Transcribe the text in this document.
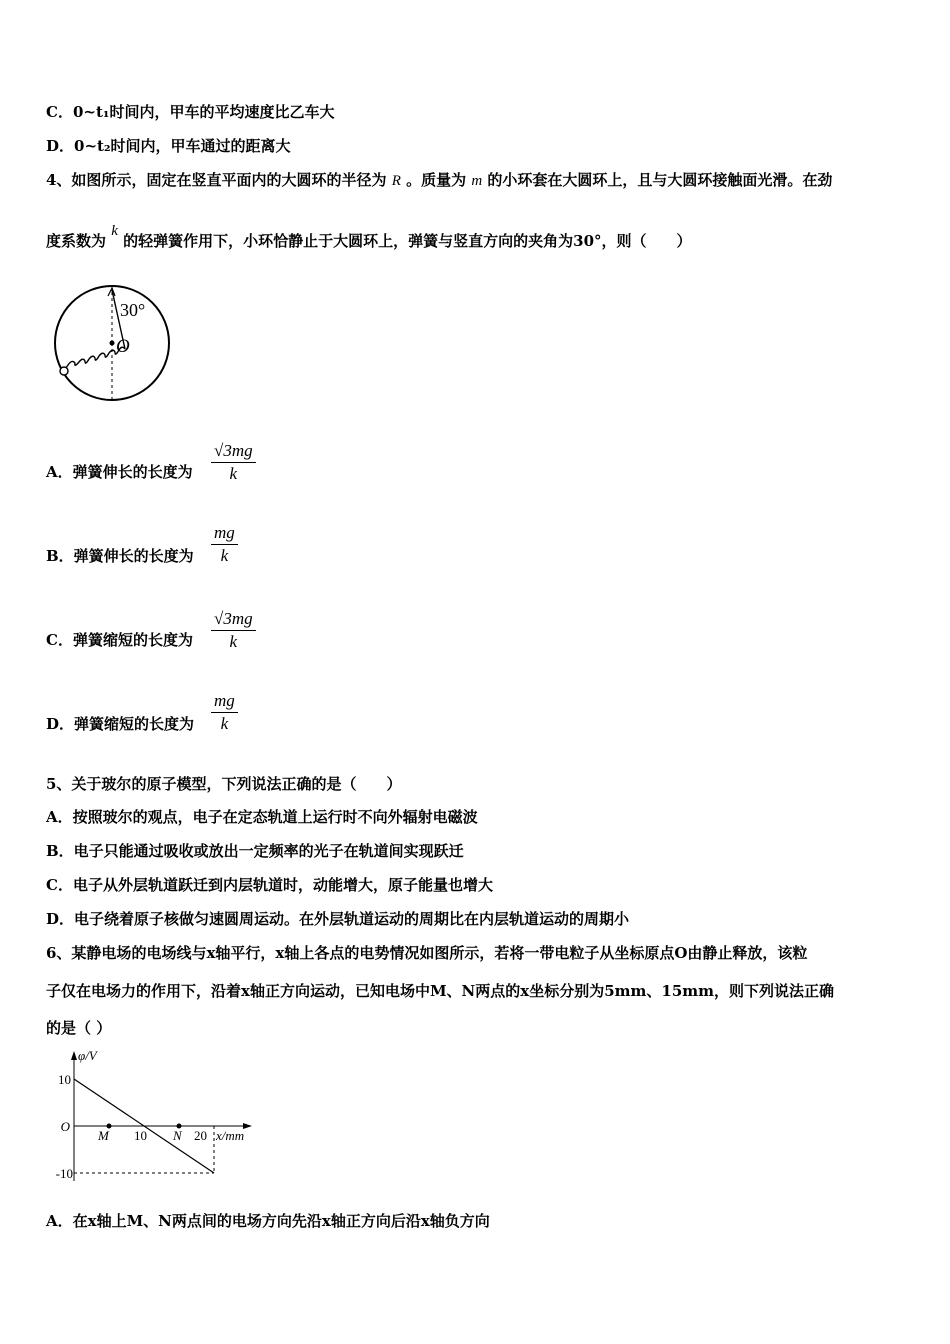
C．0~t₁时间内，甲车的平均速度比乙车大
D．0~t₂时间内，甲车通过的距离大
4、如图所示，固定在竖直平面内的大圆环的半径为 R 。质量为 m 的小环套在大圆环上，且与大圆环接触面光滑。在劲
度系数为 k 的轻弹簧作用下，小环恰静止于大圆环上，弹簧与竖直方向的夹角为30°，则（　　）
30°
O
A．弹簧伸长的长度为 $\frac{√3mg}{k}$
B．弹簧伸长的长度为 $\frac{mg}{k}$
C．弹簧缩短的长度为 $\frac{√3mg}{k}$
D．弹簧缩短的长度为 $\frac{mg}{k}$
5、关于玻尔的原子模型，下列说法正确的是（　　）
A．按照玻尔的观点，电子在定态轨道上运行时不向外辐射电磁波
B．电子只能通过吸收或放出一定频率的光子在轨道间实现跃迁
C．电子从外层轨道跃迁到内层轨道时，动能增大，原子能量也增大
D．电子绕着原子核做匀速圆周运动。在外层轨道运动的周期比在内层轨道运动的周期小
6、某静电场的电场线与x轴平行，x轴上各点的电势情况如图所示，若将一带电粒子从坐标原点O由静止释放，该粒
子仅在电场力的作用下，沿着x轴正方向运动，已知电场中M、N两点的x坐标分别为5mm、15mm，则下列说法正确
的是（ ）
M	N
10	20
10
O
-10
x/mm
φ/V
A．在x轴上M、N两点间的电场方向先沿x轴正方向后沿x轴负方向
